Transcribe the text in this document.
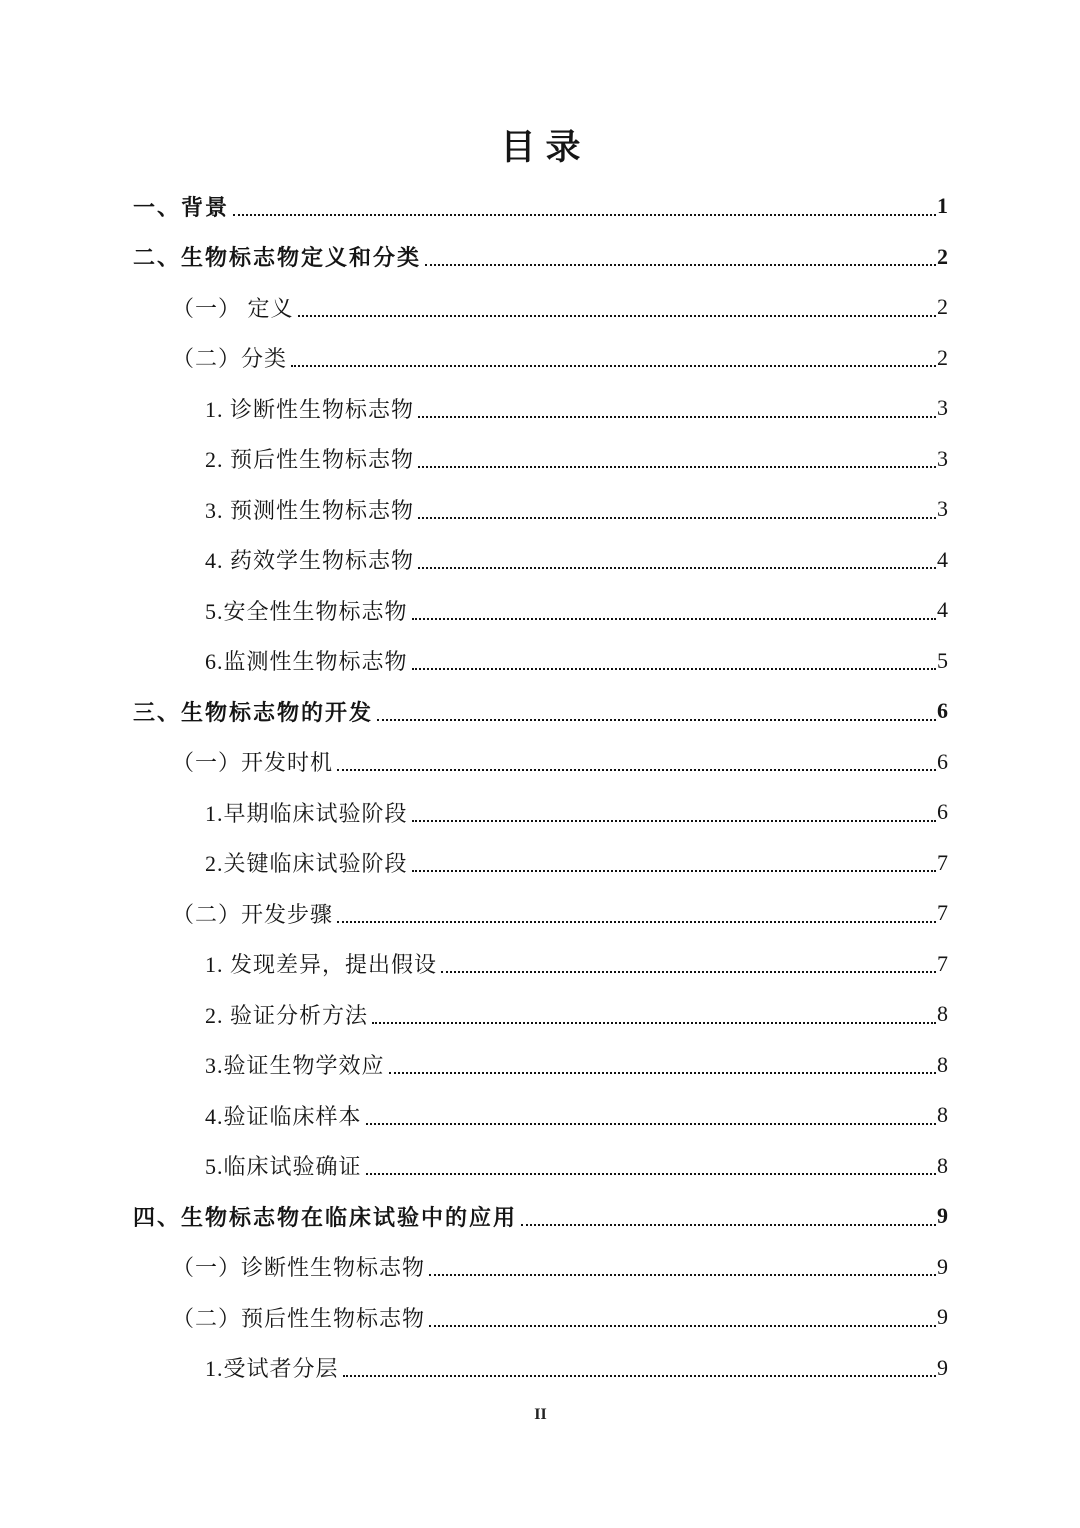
目录
一、背景	1
二、生物标志物定义和分类	2
（一） 定义	2
（二）分类	2
1. 诊断性生物标志物	3
2. 预后性生物标志物	3
3. 预测性生物标志物	3
4. 药效学生物标志物	4
5.安全性生物标志物	4
6.监测性生物标志物	5
三、生物标志物的开发	6
（一）开发时机	6
1.早期临床试验阶段	6
2.关键临床试验阶段	7
（二）开发步骤	7
1. 发现差异，提出假设	7
2. 验证分析方法	8
3.验证生物学效应	8
4.验证临床样本	8
5.临床试验确证	8
四、生物标志物在临床试验中的应用	9
（一）诊断性生物标志物	9
（二）预后性生物标志物	9
1.受试者分层	9
II
